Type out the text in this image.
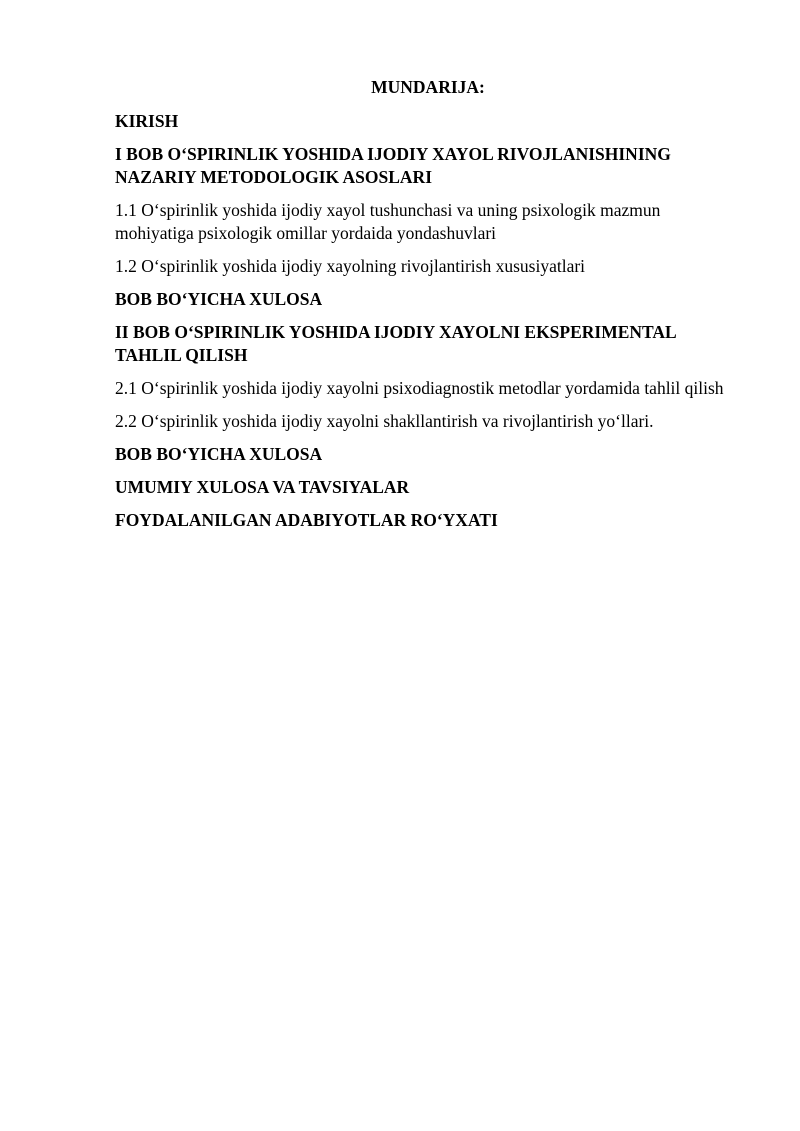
MUNDARIJA:
KIRISH
I BOB O‘SPIRINLIK YOSHIDA IJODIY XAYOL RIVOJLANISHINING NAZARIY METODOLOGIK ASOSLARI
1.1 O‘spirinlik yoshida ijodiy xayol tushunchasi va uning psixologik mazmun mohiyatiga psixologik omillar yordaida yondashuvlari
1.2 O‘spirinlik yoshida ijodiy xayolning rivojlantirish xususiyatlari
BOB BO‘YICHA XULOSA
II BOB O‘SPIRINLIK YOSHIDA IJODIY XAYOLNI EKSPERIMENTAL TAHLIL QILISH
2.1 O‘spirinlik yoshida ijodiy xayolni psixodiagnostik metodlar yordamida tahlil qilish
2.2 O‘spirinlik yoshida ijodiy xayolni shakllantirish va rivojlantirish yo‘llari.
BOB BO‘YICHA XULOSA
UMUMIY XULOSA VA TAVSIYALAR
FOYDALANILGAN ADABIYOTLAR RO‘YXATI
